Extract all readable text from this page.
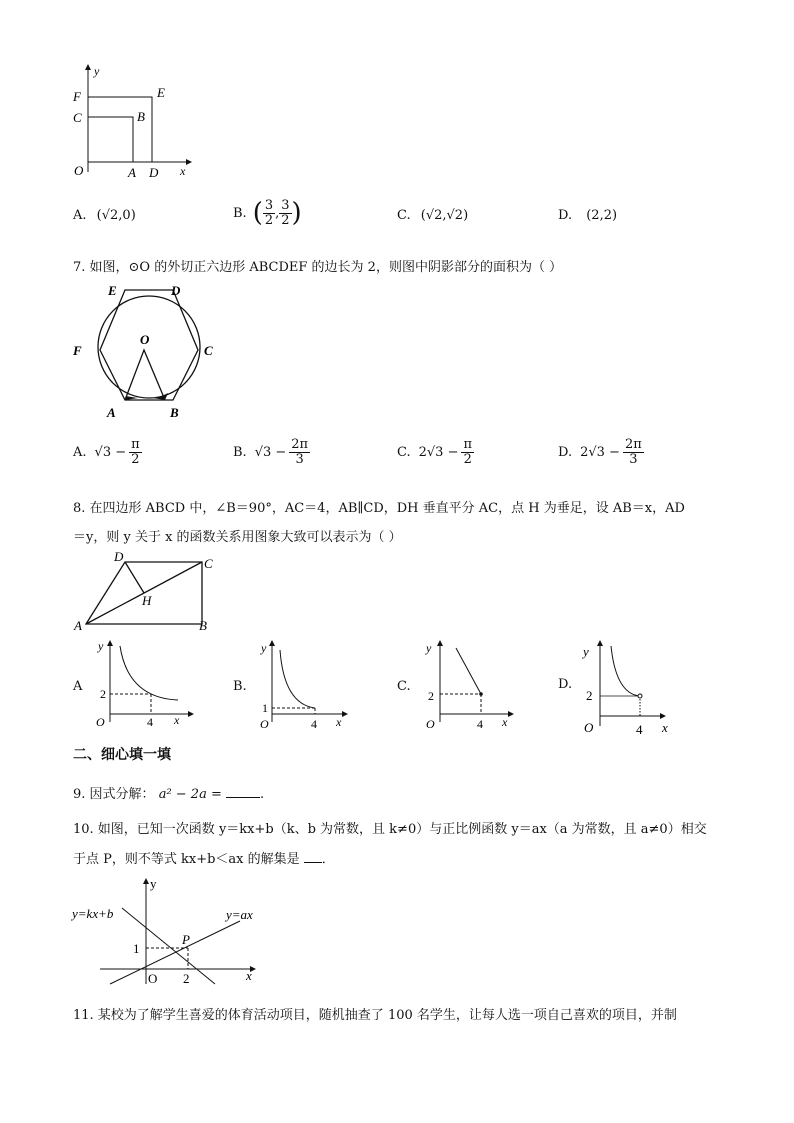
y
F	E
C	B
O	A D x
A. (√2,0)	B. ( $\frac{3}{2}$ , $\frac{3}{2}$ )	C. (√2,√2)	D. (2,2)
7. 如图，⊙O 的外切正六边形 ABCDEF 的边长为 2，则图中阴影部分的面积为（ ）
E	D
F
O
C
A	B
A. $√3 - \frac{\pi}{2}$	B. $√3 - \frac{2\pi}{3}$	C. $2√3 - \frac{\pi}{2}$	D. $2√3 - \frac{2\pi}{3}$
8. 在四边形 ABCD 中，∠B＝90°，AC＝4，AB∥CD，DH 垂直平分 AC，点 H 为垂足，设 AB＝x，AD
＝y，则 y 关于 x 的函数关系用图象大致可以表示为（ ）
D	C
H
A	B
A
y
2
O	4 x
B.
y
1
O	4 x
C.
y
2
O	4 x
D.
y
2
O	4 x
二、细心填一填
9. 因式分解： a² − 2a =	.
10. 如图，已知一次函数 y＝kx+b（k、b 为常数，且 k≠0）与正比例函数 y＝ax（a 为常数，且 a≠0）相交
于点 P，则不等式 kx+b＜ax 的解集是 ．
y
y=kx+b	y=ax
P
1
O 2	x
11. 某校为了解学生喜爱的体育活动项目，随机抽查了 100 名学生，让每人选一项自己喜欢的项目，并制
